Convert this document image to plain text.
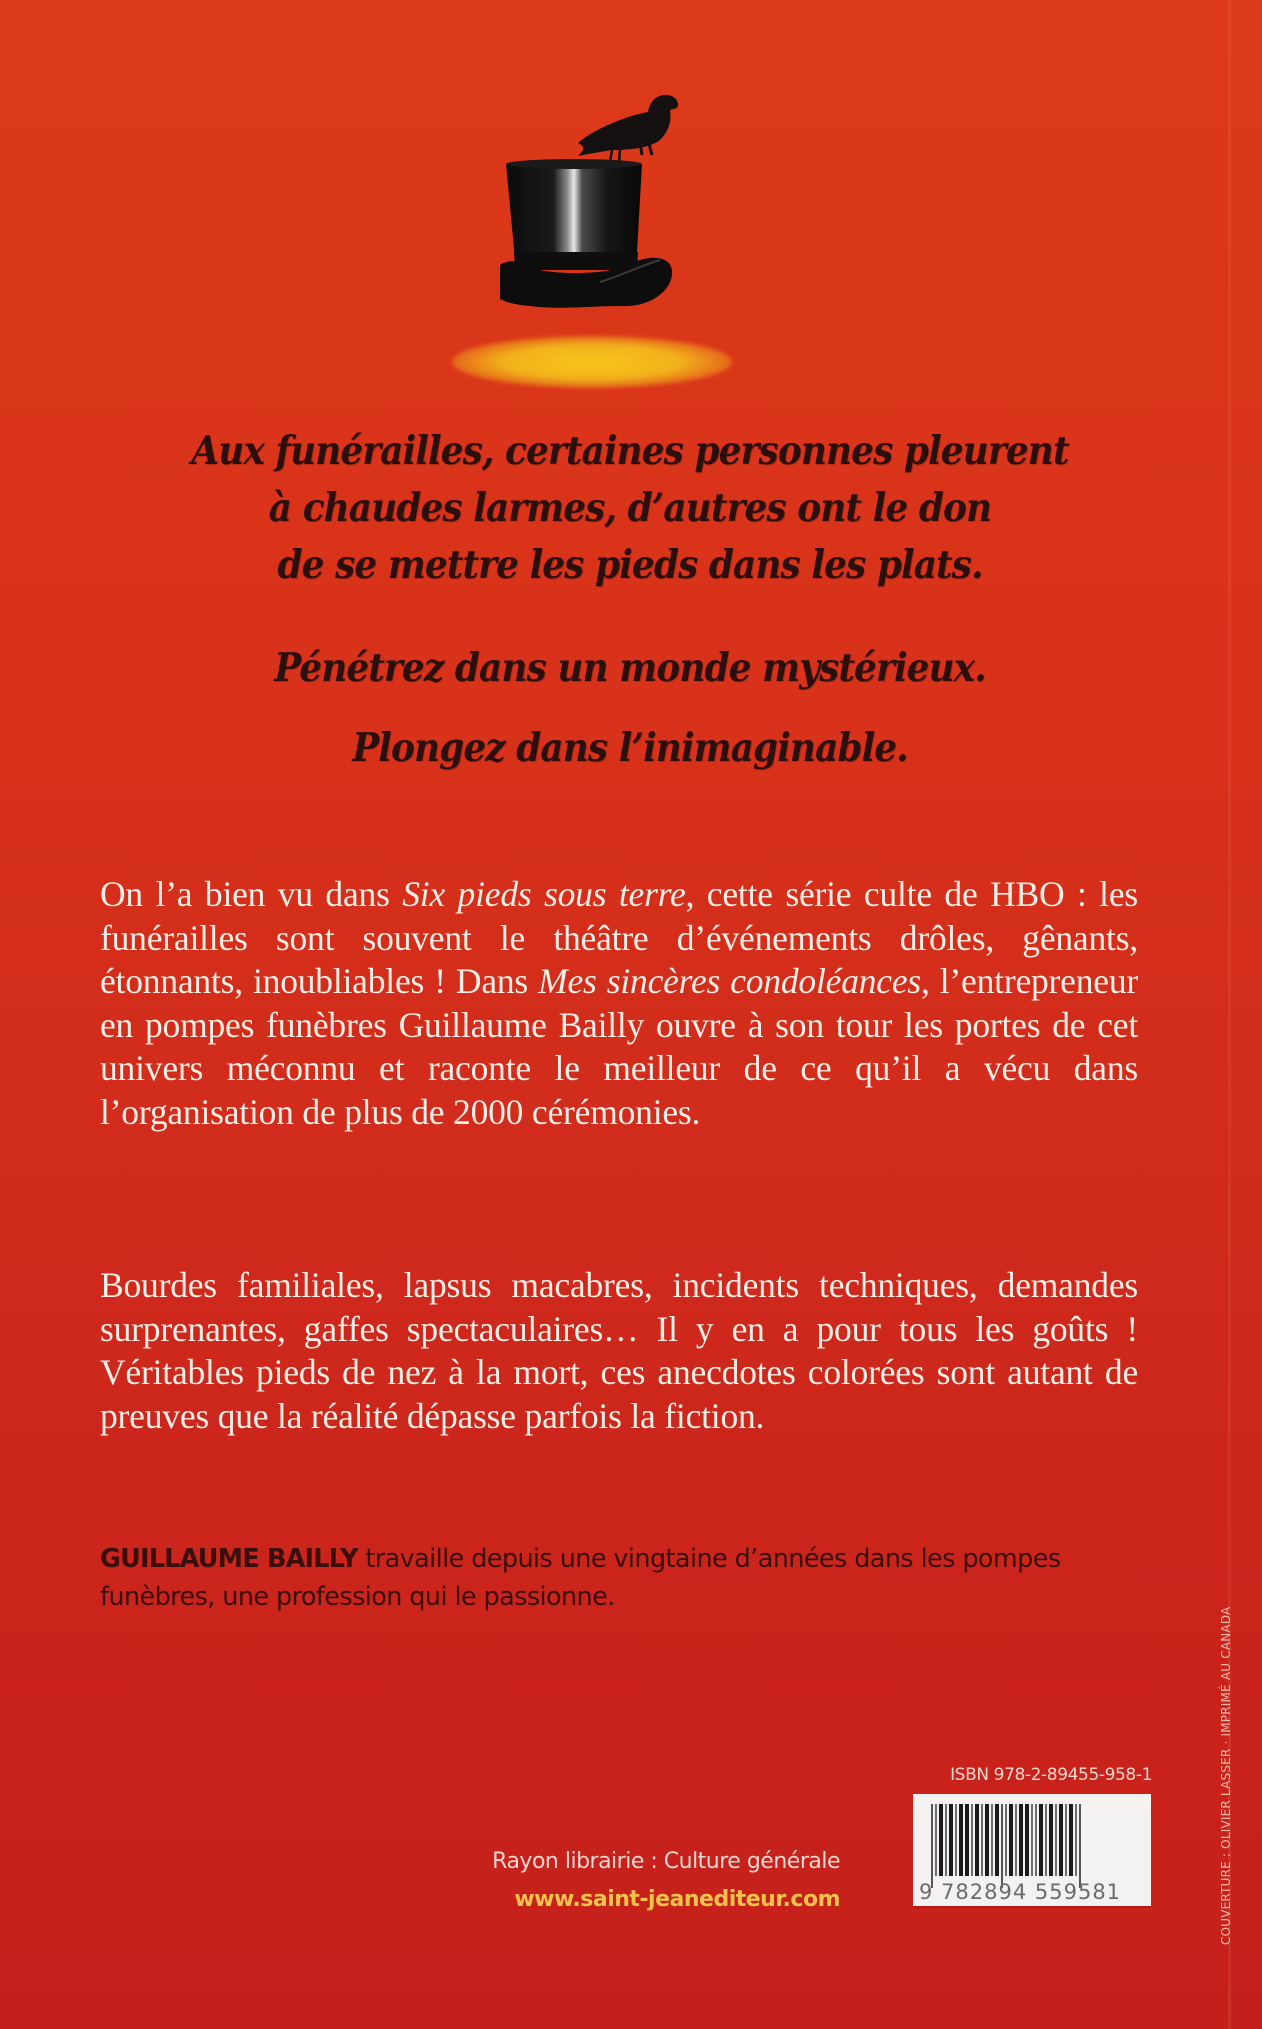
Aux funérailles, certaines personnes pleurent
à chaudes larmes, d’autres ont le don
de se mettre les pieds dans les plats.
Pénétrez dans un monde mystérieux.
Plongez dans l’inimaginable.
On l’a bien vu dans Six pieds sous terre, cette série culte de HBO : les funérailles sont souvent le théâtre d’événements drôles, gênants, étonnants, inoubliables ! Dans Mes sincères condoléances, l’entrepreneur en pompes funèbres Guillaume Bailly ouvre à son tour les portes de cet univers méconnu et raconte le meilleur de ce qu’il a vécu dans l’organisation de plus de 2000 cérémonies.
Bourdes familiales, lapsus macabres, incidents techniques, demandes surprenantes, gaffes spectaculaires… Il y en a pour tous les goûts ! Véritables pieds de nez à la mort, ces anecdotes colorées sont autant de preuves que la réalité dépasse parfois la fiction.
GUILLAUME BAILLY travaille depuis une vingtaine d’années dans les pompes funèbres, une profession qui le passionne.
Rayon librairie : Culture générale
www.saint-jeanediteur.com
ISBN 978-2-89455-958-1
9 782894 559581	COUVERTURE : OLIVIER LASSER · IMPRIMÉ AU CANADA
